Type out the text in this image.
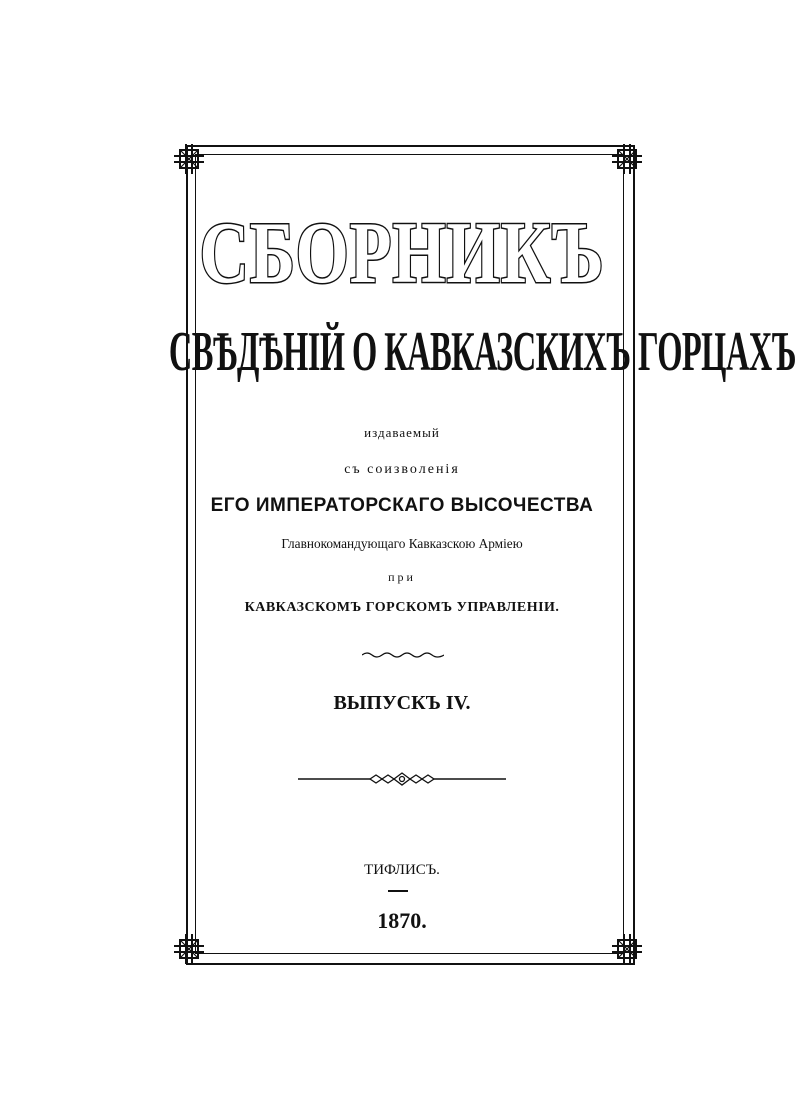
СБОРНИКЪ
СВѢДѢНІЙ О КАВКАЗСКИХЪ ГОРЦАХЪ
издаваемый
съ соизволенія
ЕГО ИМПЕРАТОРСКАГО ВЫСОЧЕСТВА
Главнокомандующаго Кавказскою Арміею
при
КАВКАЗСКОМЪ ГОРСКОМЪ УПРАВЛЕНІИ.
ВЫПУСКЪ IV.
ТИФЛИСЪ.
1870.
